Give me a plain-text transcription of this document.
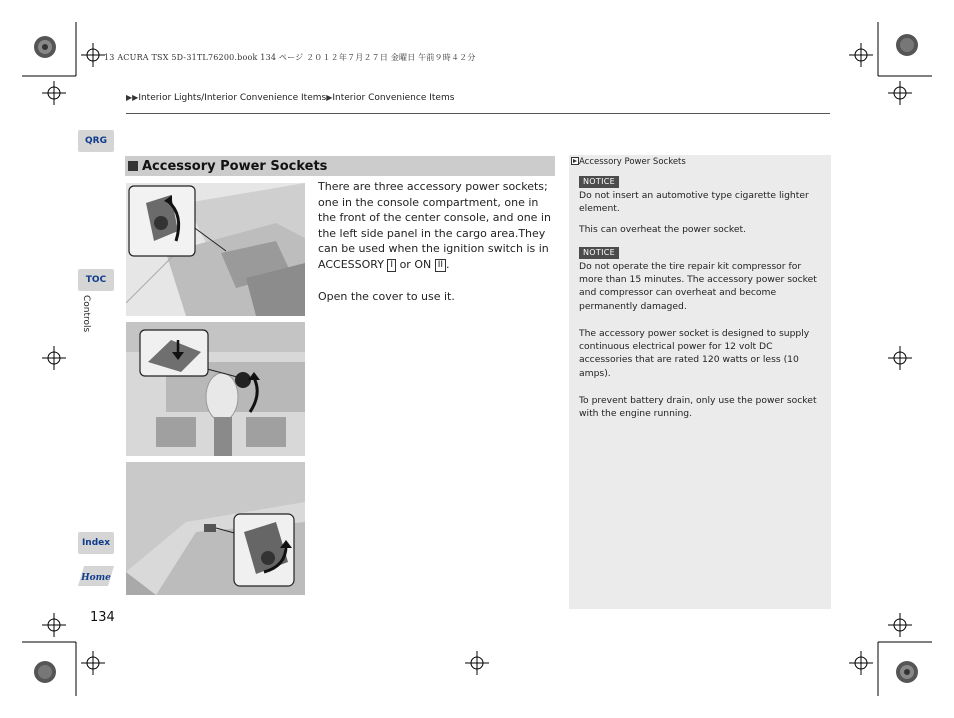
13 ACURA TSX 5D-31TL76200.book 134 ページ ２０１２年７月２７日 金曜日 午前９時４２分
▶▶Interior Lights/Interior Convenience Items▶Interior Convenience Items
QRG
TOC
Controls
Index
Home
Accessory Power Sockets

There are three accessory power sockets; one in the console compartment, one in the front of the center console, and one in the left side panel in the cargo area.They can be used when the ignition switch is in ACCESSORY I or ON II .

Open the cover to use it.

Accessory Power Sockets
NOTICE

Do not insert an automotive type cigarette lighter element.

This can overheat the power socket.

NOTICE

Do not operate the tire repair kit compressor for more than 15 minutes. The accessory power socket and compressor can overheat and become permanently damaged.

The accessory power socket is designed to supply continuous electrical power for 12 volt DC accessories that are rated 120 watts or less (10 amps).

To prevent battery drain, only use the power socket with the engine running.

134
